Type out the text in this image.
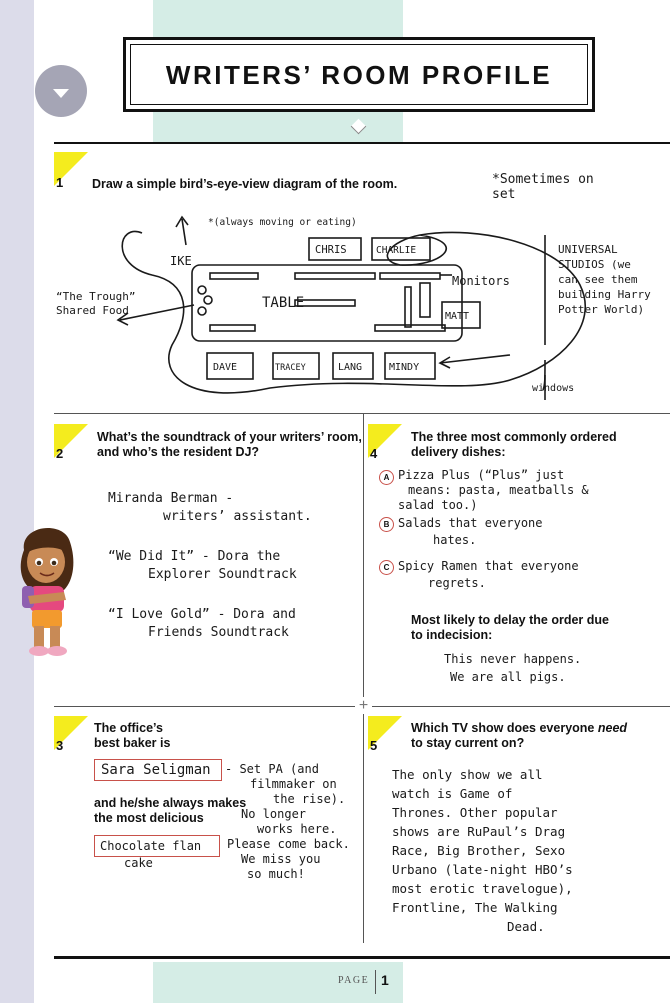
WRITERS’ ROOM PROFILE
+
1 Draw a simple bird’s-eye-view diagram of the room.	*Sometimes on set
IKE
*(always moving or eating)
CHRIS	CHARLIE
Monitors
TABLE
MATT
DAVE	TRACEY	LANG	MINDY
windows
“The Trough” Shared Food
UNIVERSAL STUDIOS (we can see them building Harry Potter World)
2
What’s the soundtrack of your writers’ room, and who’s the resident DJ?
Miranda Berman -
writers’ assistant.
“We Did It” - Dora the
Explorer Soundtrack
“I Love Gold” - Dora and
Friends Soundtrack
3
The office’s best baker is
Sara Seligman - Set PA (and
filmmaker on
the rise).
No longer
works here.
Please come back.
We miss you
so much!
and he/she always makes the most delicious
Chocolate flan
cake
4
The three most commonly ordered delivery dishes:
A Pizza Plus (“Plus” just
means: pasta, meatballs &
salad too.)
B Salads that everyone
hates.
C Spicy Ramen that everyone
regrets.
Most likely to delay the order due to indecision:
This never happens.
We are all pigs.
5
Which TV show does everyone need to stay current on?
The only show we all
watch is Game of
Thrones. Other popular
shows are RuPaul’s Drag
Race, Big Brother, Sexo
Urbano (late-night HBO’s
most erotic travelogue),
Frontline, The Walking
Dead.
PAGE 1
